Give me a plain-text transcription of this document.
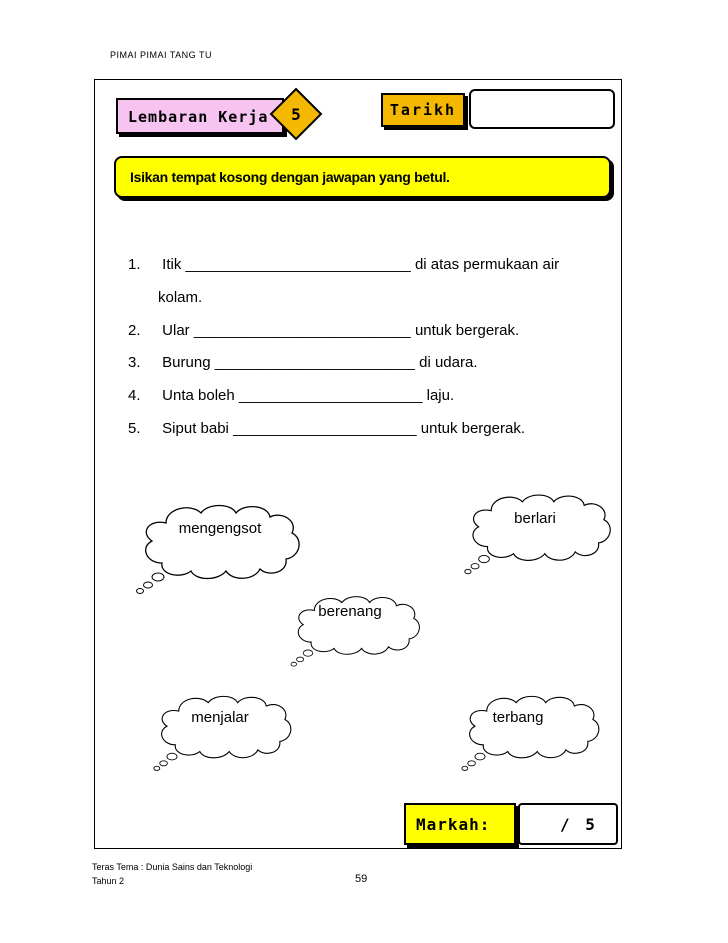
PIMAI PIMAI TANG TU
Lembaran Kerja	5	Tarikh
Isikan tempat kosong dengan jawapan yang betul.
1. Itik ___________________________ di atas permukaan air
kolam.
2. Ular __________________________ untuk bergerak.
3. Burung ________________________ di udara.
4. Unta boleh ______________________ laju.
5. Siput babi ______________________ untuk bergerak.
mengengsot
berlari
berenang
menjalar	terbang
Markah:	/ 5
Teras Tema : Dunia Sains dan Teknologi
Tahun 2	59
